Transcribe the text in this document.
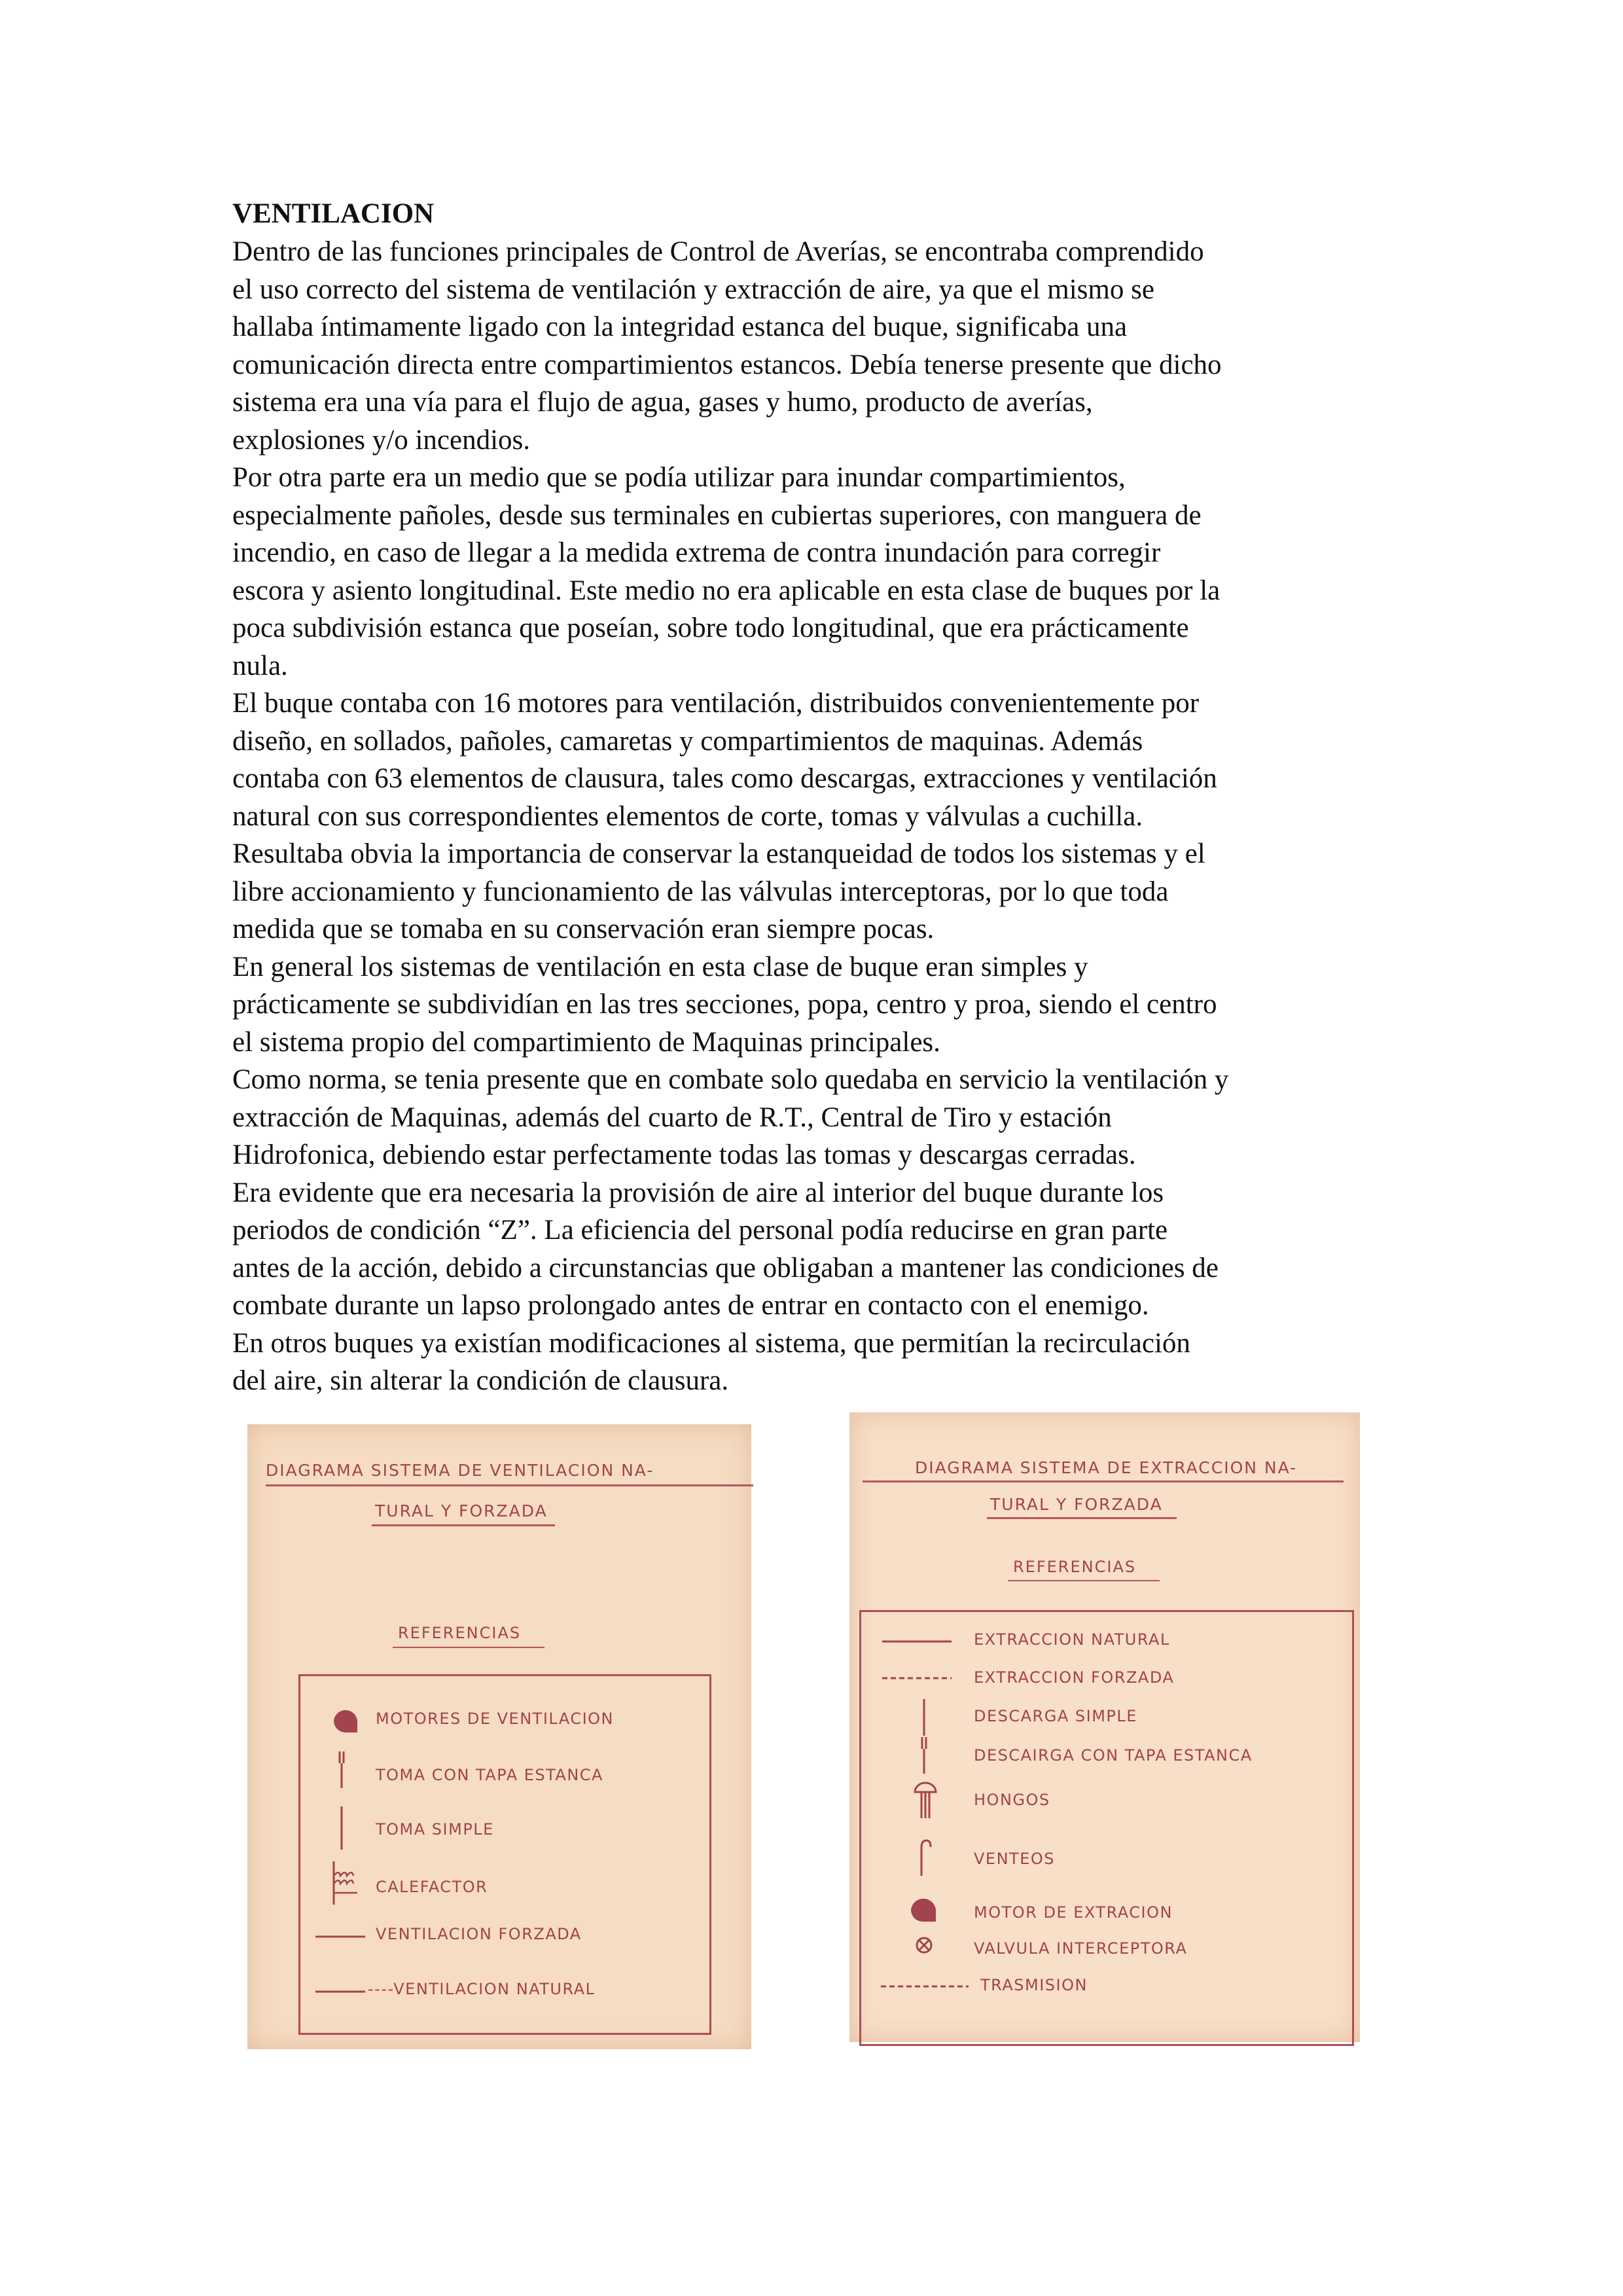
VENTILACION

Dentro de las funciones principales de Control de Averías, se encontraba comprendido
el uso correcto del sistema de ventilación y extracción de aire, ya que el mismo se
hallaba íntimamente ligado con la integridad estanca del buque, significaba una
comunicación directa entre compartimientos estancos. Debía tenerse presente que dicho
sistema era una vía para el flujo de agua, gases y humo, producto de averías,
explosiones y/o incendios.

Por otra parte era un medio que se podía utilizar para inundar compartimientos,
especialmente pañoles, desde sus terminales en cubiertas superiores, con manguera de
incendio, en caso de llegar a la medida extrema de contra inundación para corregir
escora y asiento longitudinal. Este medio no era aplicable en esta clase de buques por la
poca subdivisión estanca que poseían, sobre todo longitudinal, que era prácticamente
nula.

El buque contaba con 16 motores para ventilación, distribuidos convenientemente por
diseño, en sollados, pañoles, camaretas y compartimientos de maquinas. Además
contaba con 63 elementos de clausura, tales como descargas, extracciones y ventilación
natural con sus correspondientes elementos de corte, tomas y válvulas a cuchilla.

Resultaba obvia la importancia de conservar la estanqueidad de todos los sistemas y el
libre accionamiento y funcionamiento de las válvulas interceptoras, por lo que toda
medida que se tomaba en su conservación eran siempre pocas.

En general los sistemas de ventilación en esta clase de buque eran simples y
prácticamente se subdividían en las tres secciones, popa, centro y proa, siendo el centro
el sistema propio del compartimiento de Maquinas principales.

Como norma, se tenia presente que en combate solo quedaba en servicio la ventilación y
extracción de Maquinas, además del cuarto de R.T., Central de Tiro y estación
Hidrofonica, debiendo estar perfectamente todas las tomas y descargas cerradas.

Era evidente que era necesaria la provisión de aire al interior del buque durante los
periodos de condición “Z”. La eficiencia del personal podía reducirse en gran parte
antes de la acción, debido a circunstancias que obligaban a mantener las condiciones de
combate durante un lapso prolongado antes de entrar en contacto con el enemigo.

En otros buques ya existían modificaciones al sistema, que permitían la recirculación
del aire, sin alterar la condición de clausura.

DIAGRAMA SISTEMA DE VENTILACION NA-
TURAL Y FORZADA
REFERENCIAS
MOTORES DE VENTILACION
TOMA CON TAPA ESTANCA
TOMA SIMPLE
CALEFACTOR
VENTILACION FORZADA
----VENTILACION NATURAL
DIAGRAMA SISTEMA DE EXTRACCION NA-
TURAL Y FORZADA
REFERENCIAS
EXTRACCION NATURAL
EXTRACCION FORZADA
DESCARGA SIMPLE
DESCAIRGA CON TAPA ESTANCA
HONGOS
VENTEOS
MOTOR DE EXTRACION
VALVULA INTERCEPTORA
TRASMISION
